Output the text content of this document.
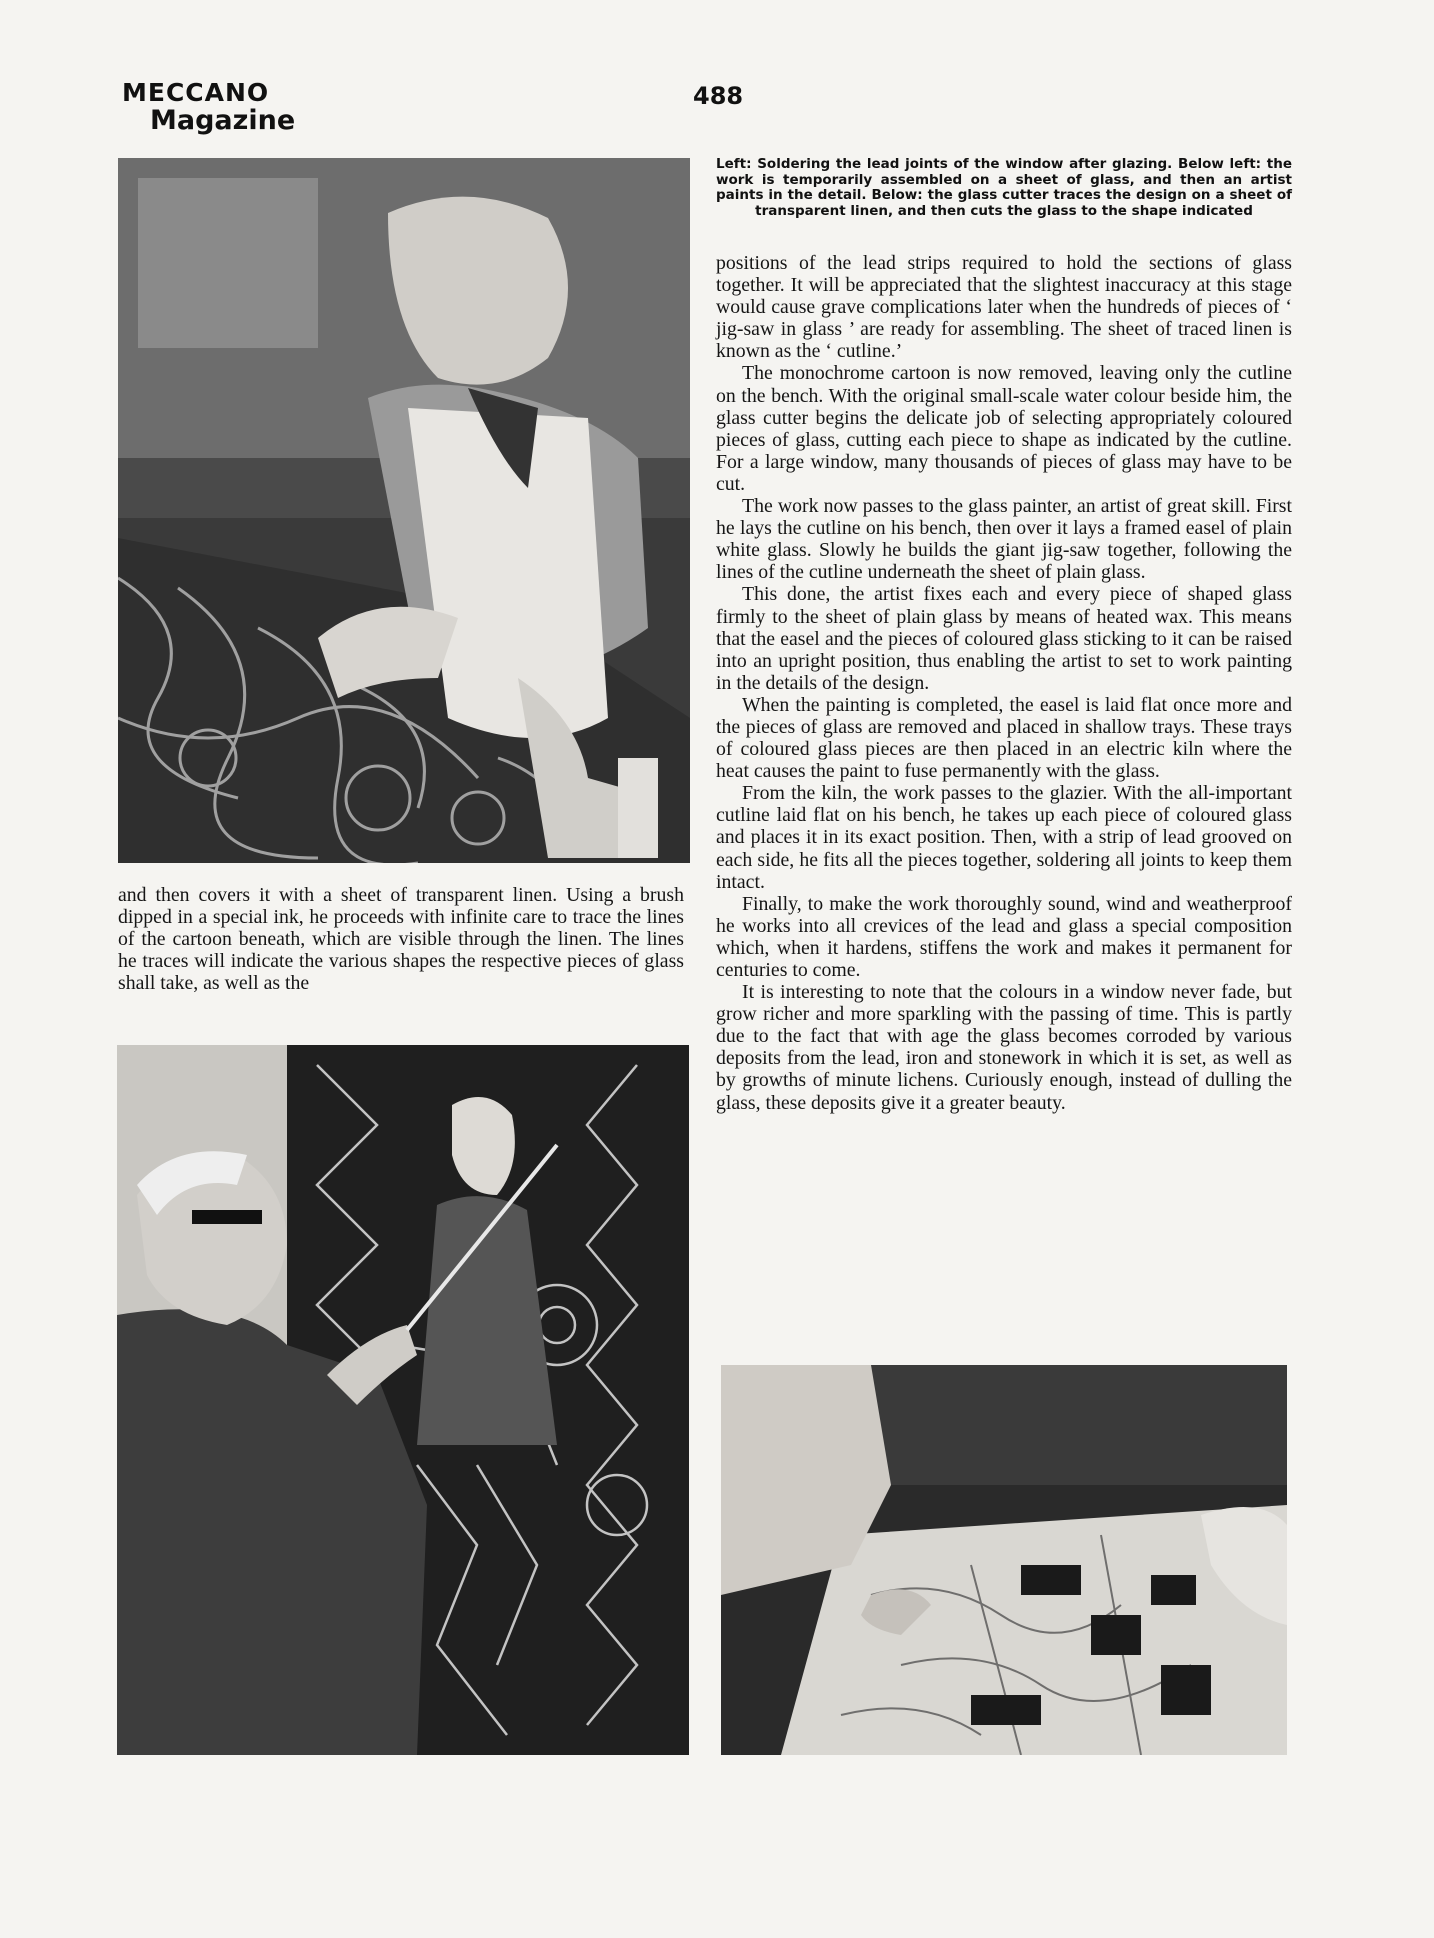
MECCANO
Magazine
488
Left: Soldering the lead joints of the window after glazing. Below left: the work is temporarily assembled on a sheet of glass, and then an artist paints in the detail. Below: the glass cutter traces the design on a sheet of transparent linen, and then cuts the glass to the shape indicated

and then covers it with a sheet of transparent linen. Using a brush dipped in a special ink, he proceeds with infinite care to trace the lines of the cartoon beneath, which are visible through the linen. The lines he traces will indicate the various shapes the respective pieces of glass shall take, as well as the

positions of the lead strips required to hold the sections of glass together. It will be appreciated that the slightest inaccuracy at this stage would cause grave complications later when the hundreds of pieces of ‘ jig-saw in glass ’ are ready for assembling. The sheet of traced linen is known as the ‘ cutline.’

The monochrome cartoon is now removed, leaving only the cutline on the bench. With the original small-scale water colour beside him, the glass cutter begins the delicate job of selecting appropriately coloured pieces of glass, cutting each piece to shape as indicated by the cutline. For a large window, many thousands of pieces of glass may have to be cut.

The work now passes to the glass painter, an artist of great skill. First he lays the cutline on his bench, then over it lays a framed easel of plain white glass. Slowly he builds the giant jig-saw together, following the lines of the cutline underneath the sheet of plain glass.

This done, the artist fixes each and every piece of shaped glass firmly to the sheet of plain glass by means of heated wax. This means that the easel and the pieces of coloured glass sticking to it can be raised into an upright position, thus enabling the artist to set to work painting in the details of the design.

When the painting is completed, the easel is laid flat once more and the pieces of glass are removed and placed in shallow trays. These trays of coloured glass pieces are then placed in an electric kiln where the heat causes the paint to fuse permanently with the glass.

From the kiln, the work passes to the glazier. With the all-important cutline laid flat on his bench, he takes up each piece of coloured glass and places it in its exact position. Then, with a strip of lead grooved on each side, he fits all the pieces together, soldering all joints to keep them intact.

Finally, to make the work thoroughly sound, wind and weatherproof he works into all crevices of the lead and glass a special composition which, when it hardens, stiffens the work and makes it permanent for centuries to come.

It is interesting to note that the colours in a window never fade, but grow richer and more sparkling with the passing of time. This is partly due to the fact that with age the glass becomes corroded by various deposits from the lead, iron and stonework in which it is set, as well as by growths of minute lichens. Curiously enough, instead of dulling the glass, these deposits give it a greater beauty.
